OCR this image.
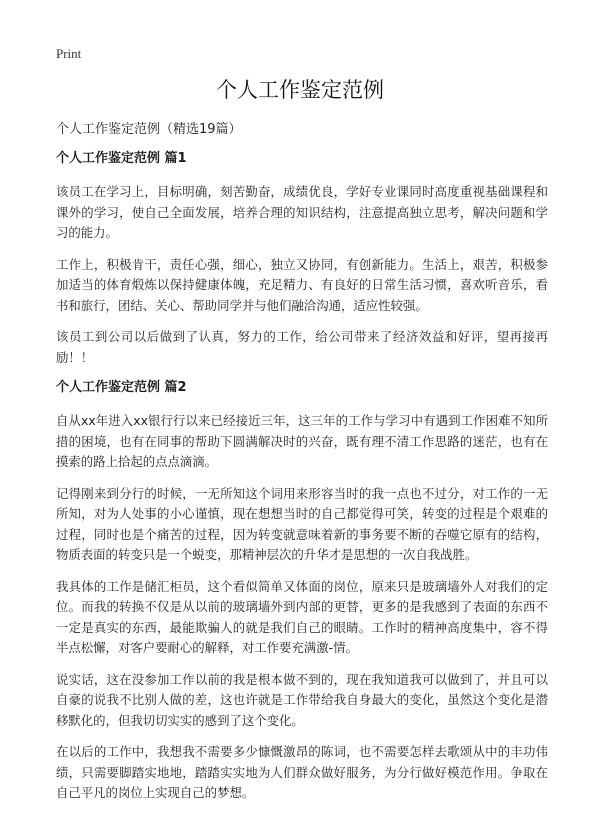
Print
个人工作鉴定范例
个人工作鉴定范例（精选19篇）
个人工作鉴定范例 篇1

该员工在学习上，目标明确，刻苦勤奋，成绩优良，学好专业课同时高度重视基础课程和课外的学习，使自己全面发展，培养合理的知识结构，注意提高独立思考，解决问题和学习的能力。

工作上，积极肯干，责任心强，细心，独立又协同，有创新能力。生活上，艰苦，积极参加适当的体育煅炼以保持健康体魄，充足精力、有良好的日常生活习惯，喜欢听音乐，看书和旅行，团结、关心、帮助同学并与他们融洽沟通，适应性较强。

该员工到公司以后做到了认真，努力的工作，给公司带来了经济效益和好评，望再接再励！！

个人工作鉴定范例 篇2

自从xx年进入xx银行行以来已经接近三年，这三年的工作与学习中有遇到工作困难不知所措的困境，也有在同事的帮助下圆满解决时的兴奋，既有理不清工作思路的迷茫，也有在摸索的路上拾起的点点滴滴。

记得刚来到分行的时候，一无所知这个词用来形容当时的我一点也不过分，对工作的一无所知，对为人处事的小心谨慎，现在想想当时的自己都觉得可笑，转变的过程是个艰难的过程，同时也是个痛苦的过程，因为转变就意味着新的事务要不断的吞噬它原有的结构，物质表面的转变只是一个蜕变，那精神层次的升华才是思想的一次自我战胜。

我具体的工作是储汇柜员，这个看似简单又体面的岗位，原来只是玻璃墙外人对我们的定位。而我的转换不仅是从以前的玻璃墙外到内部的更替，更多的是我感到了表面的东西不一定是真实的东西，最能欺骗人的就是我们自己的眼睛。工作时的精神高度集中，容不得半点松懈，对客户要耐心的解释，对工作要充满激-情。

说实话，这在没参加工作以前的我是根本做不到的，现在我知道我可以做到了，并且可以自豪的说我不比别人做的差，这也许就是工作带给我自身最大的变化，虽然这个变化是潜移默化的，但我切切实实的感到了这个变化。

在以后的工作中，我想我不需要多少慷慨激昂的陈词，也不需要怎样去歌颂从中的丰功伟绩，只需要脚踏实地地，踏踏实实地为人们群众做好服务，为分行做好模范作用。争取在自己平凡的岗位上实现自己的梦想。
